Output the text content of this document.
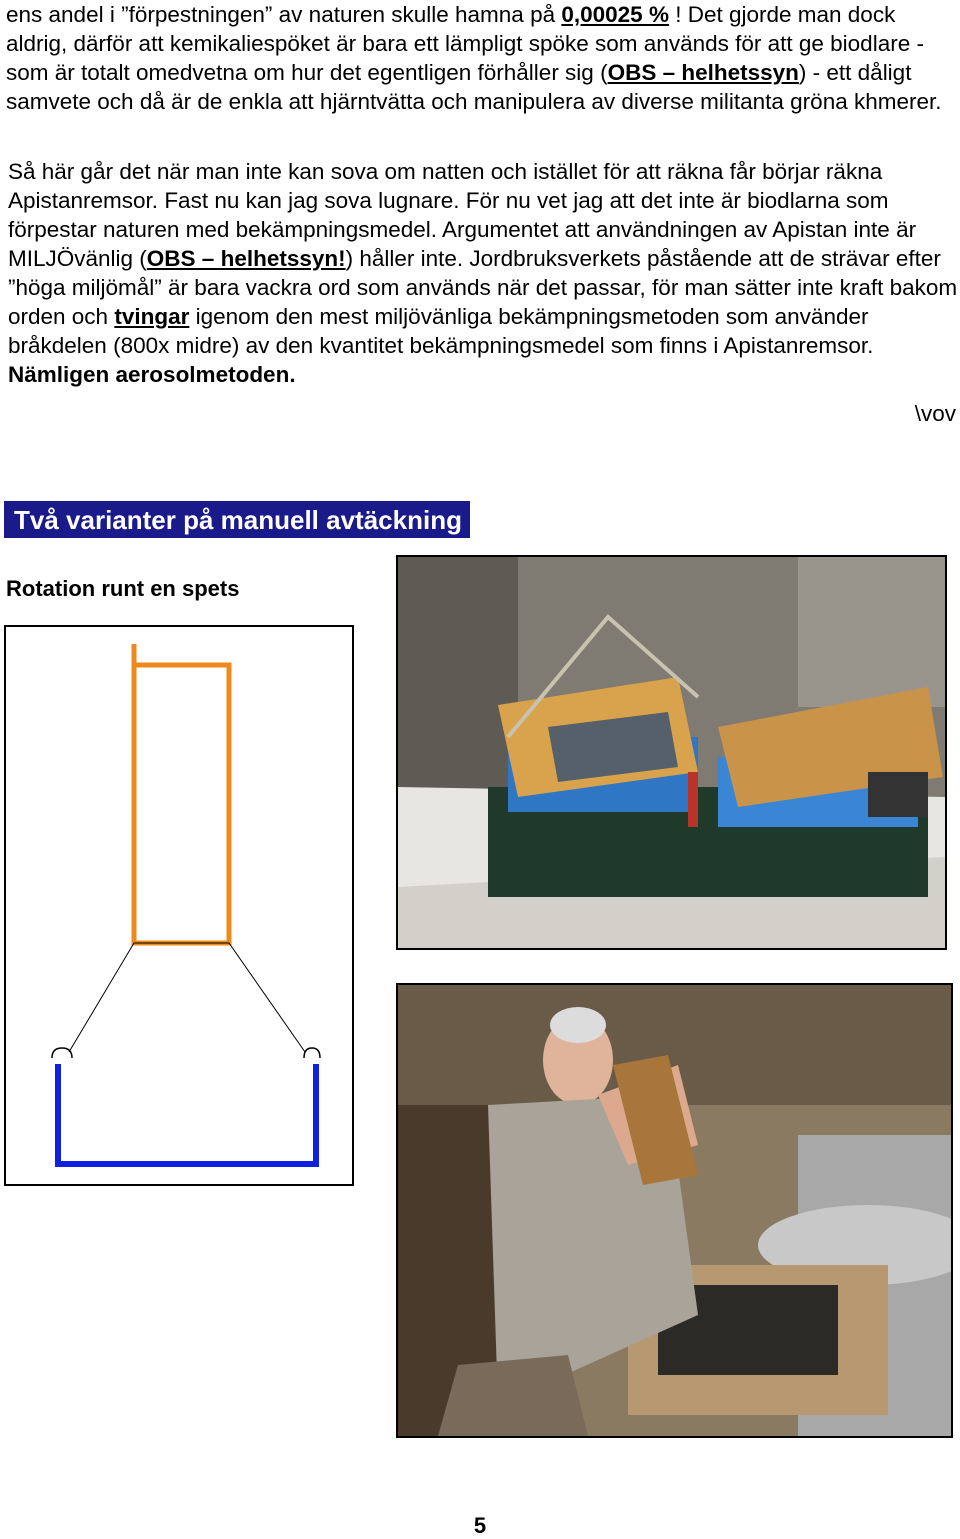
ens andel i ”förpestningen” av naturen skulle hamna på 0,00025 % ! Det gjorde man dock aldrig, därför att kemikaliespöket är bara ett lämpligt spöke som används för att ge biodlare - som är totalt omedvetna om hur det egentligen förhåller sig (OBS – helhetssyn) - ett dåligt samvete och då är de enkla att hjärntvätta och manipulera av diverse militanta gröna khmerer.

Så här går det när man inte kan sova om natten och istället för att räkna får börjar räkna Apistanremsor. Fast nu kan jag sova lugnare. För nu vet jag att det inte är biodlarna som förpestar naturen med bekämpningsmedel. Argumentet att användningen av Apistan inte är MILJÖvänlig (OBS – helhetssyn!) håller inte. Jordbruksverkets påstående att de strävar efter ”höga miljömål” är bara vackra ord som används när det passar, för man sätter inte kraft bakom orden och tvingar igenom den mest miljövänliga bekämpningsmetoden som använder bråkdelen (800x midre) av den kvantitet bekämpningsmedel som finns i Apistanremsor. Nämligen aerosolmetoden.

\vov
Två varianter på manuell avtäckning
Rotation runt en spets
5
